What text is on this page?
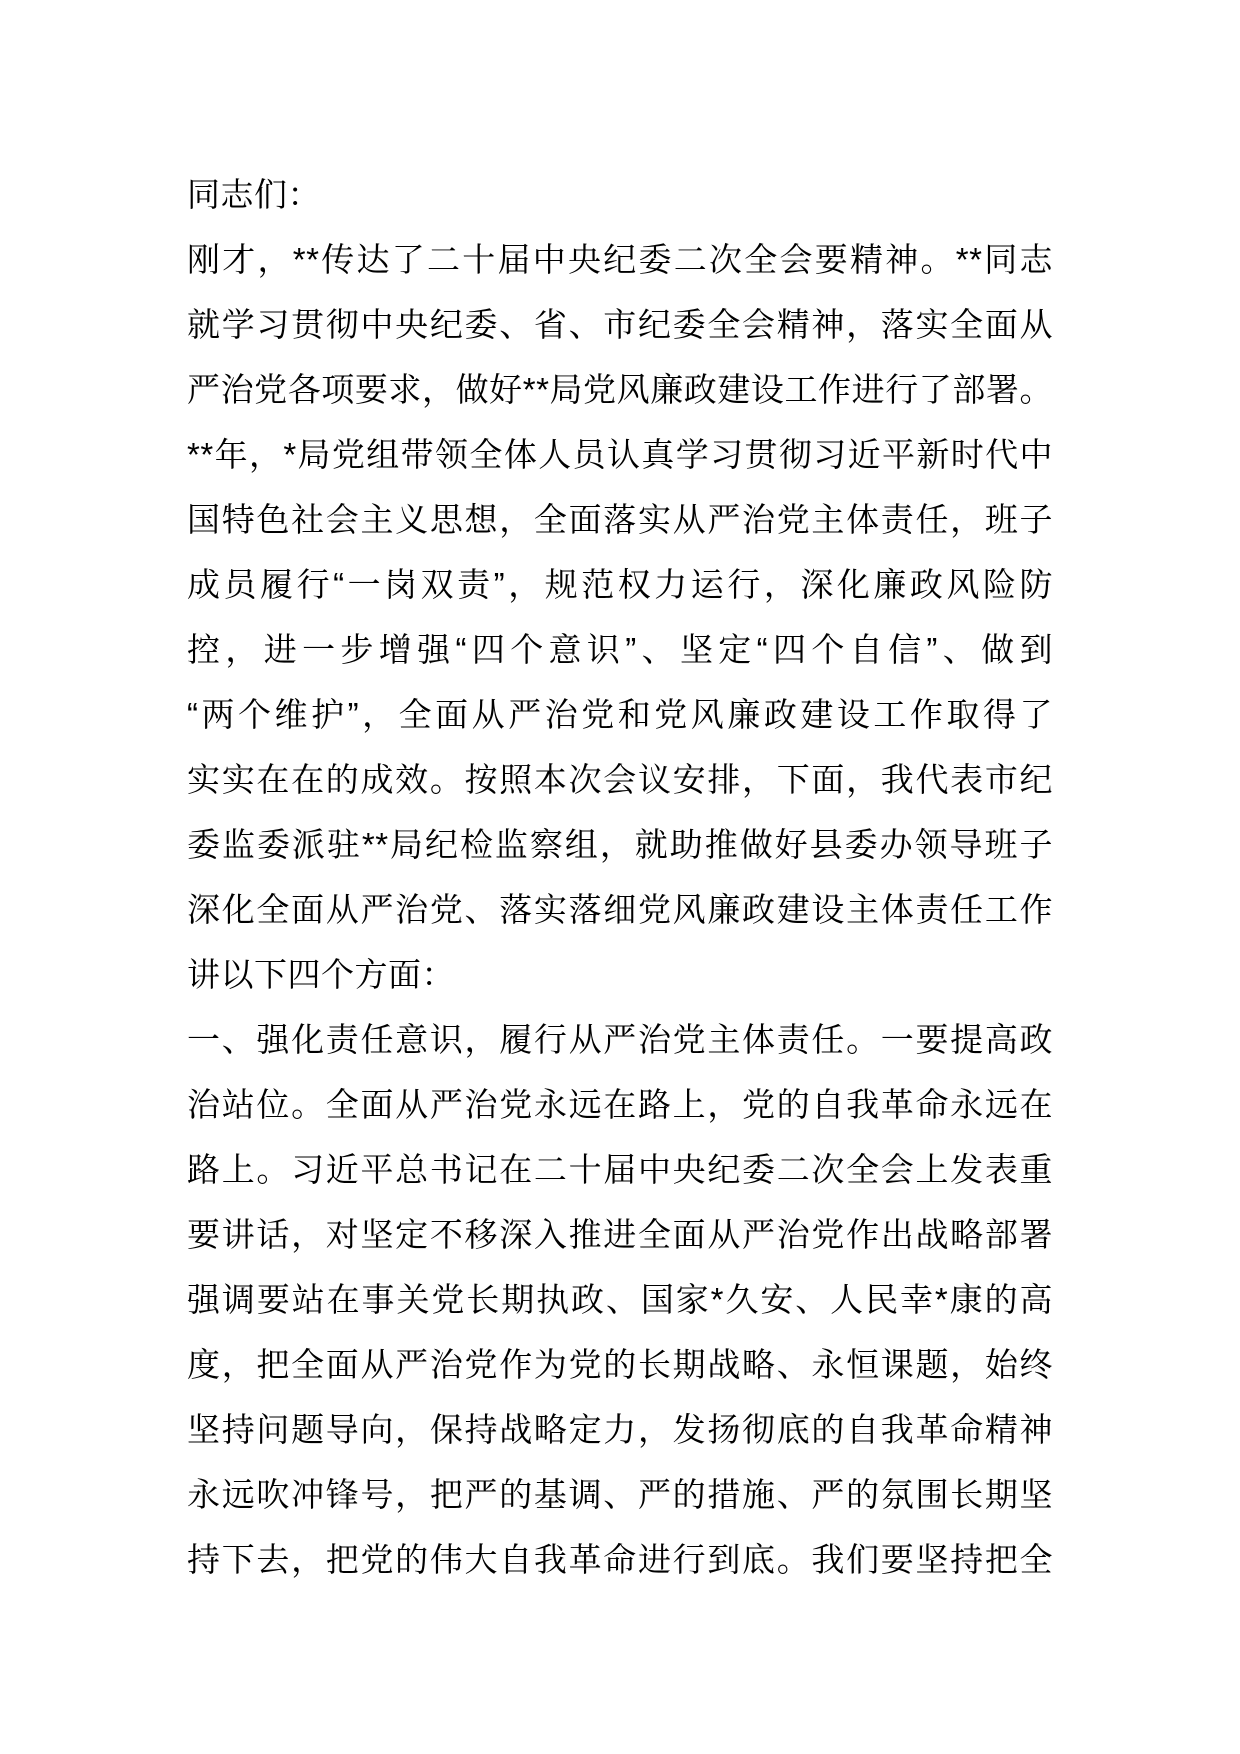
同志们：
刚才，**传达了二十届中央纪委二次全会要精神。**同志
就学习贯彻中央纪委、省、市纪委全会精神，落实全面从
严治党各项要求，做好**局党风廉政建设工作进行了部署。
**年，*局党组带领全体人员认真学习贯彻习近平新时代中
国特色社会主义思想，全面落实从严治党主体责任，班子
成员履行“一岗双责”，规范权力运行，深化廉政风险防
控，进一步增强“四个意识”、坚定“四个自信”、做到
“两个维护”，全面从严治党和党风廉政建设工作取得了
实实在在的成效。按照本次会议安排，下面，我代表市纪
委监委派驻**局纪检监察组，就助推做好县委办领导班子
深化全面从严治党、落实落细党风廉政建设主体责任工作
讲以下四个方面：
一、强化责任意识，履行从严治党主体责任。一要提高政
治站位。全面从严治党永远在路上，党的自我革命永远在
路上。习近平总书记在二十届中央纪委二次全会上发表重
要讲话，对坚定不移深入推进全面从严治党作出战略部署
强调要站在事关党长期执政、国家*久安、人民幸*康的高
度，把全面从严治党作为党的长期战略、永恒课题，始终
坚持问题导向，保持战略定力，发扬彻底的自我革命精神
永远吹冲锋号，把严的基调、严的措施、严的氛围长期坚
持下去，把党的伟大自我革命进行到底。我们要坚持把全
